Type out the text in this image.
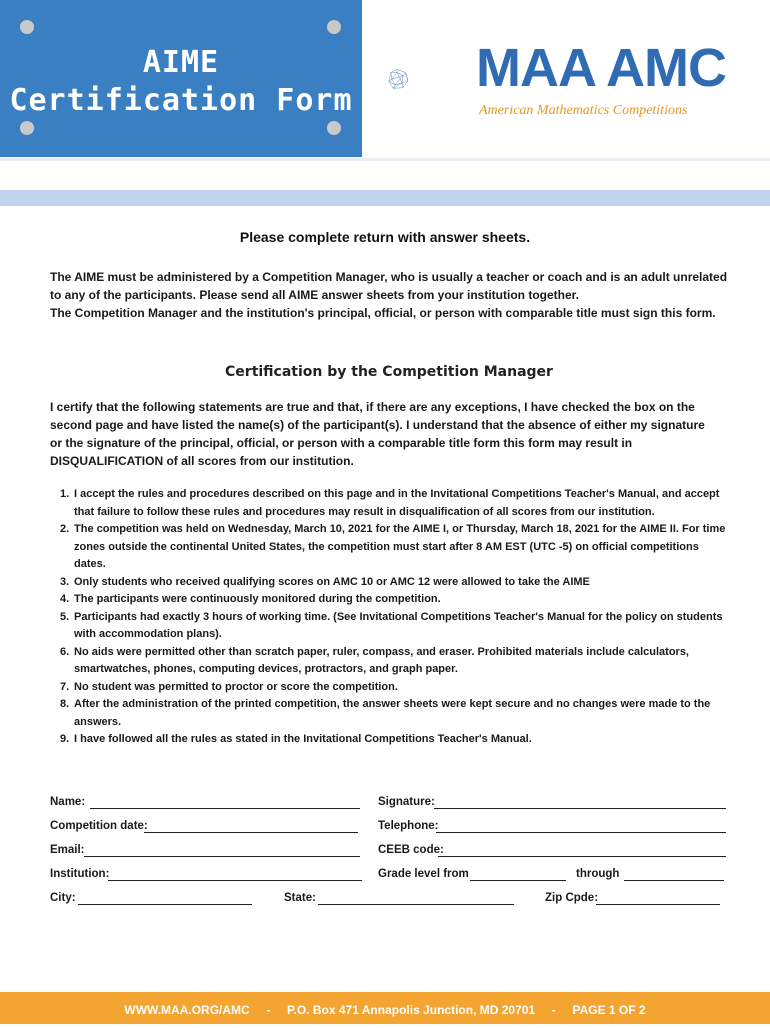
AIME
Certification Form
MAA AMC
American Mathematics Competitions
Please complete return with answer sheets.
The AIME must be administered by a Competition Manager, who is usually a teacher or coach and is an adult unrelated
to any of the participants. Please send all AIME answer sheets from your institution together.
The Competition Manager and the institution's principal, official, or person with comparable title must sign this form.
Certification by the Competition Manager
I certify that the following statements are true and that, if there are any exceptions, I have checked the box on the
second page and have listed the name(s) of the participant(s). I understand that the absence of either my signature
or the signature of the principal, official, or person with a comparable title form this form may result in
DISQUALIFICATION of all scores from our institution.
1. I accept the rules and procedures described on this page and in the Invitational Competitions Teacher's Manual, and accept that failure to follow these rules and procedures may result in disqualification of all scores from our institution.
2. The competition was held on Wednesday, March 10, 2021 for the AIME I, or Thursday, March 18, 2021 for the AIME II. For time zones outside the continental United States, the competition must start after 8 AM EST (UTC -5) on official competitions dates.
3. Only students who received qualifying scores on AMC 10 or AMC 12 were allowed to take the AIME
4. The participants were continuously monitored during the competition.
5. Participants had exactly 3 hours of working time. (See Invitational Competitions Teacher's Manual for the policy on students with accommodation plans).
6. No aids were permitted other than scratch paper, ruler, compass, and eraser. Prohibited materials include calculators, smartwatches, phones, computing devices, protractors, and graph paper.
7. No student was permitted to proctor or score the competition.
8. After the administration of the printed competition, the answer sheets were kept secure and no changes were made to the answers.
9. I have followed all the rules as stated in the Invitational Competitions Teacher's Manual.
Name:	Signature:
Competition date:	Telephone:
Email:	CEEB code:
Institution:	Grade level from	through
City:	State:	Zip Cpde:
WWW.MAA.ORG/AMC - P.O. Box 471 Annapolis Junction, MD 20701 - PAGE 1 OF 2
